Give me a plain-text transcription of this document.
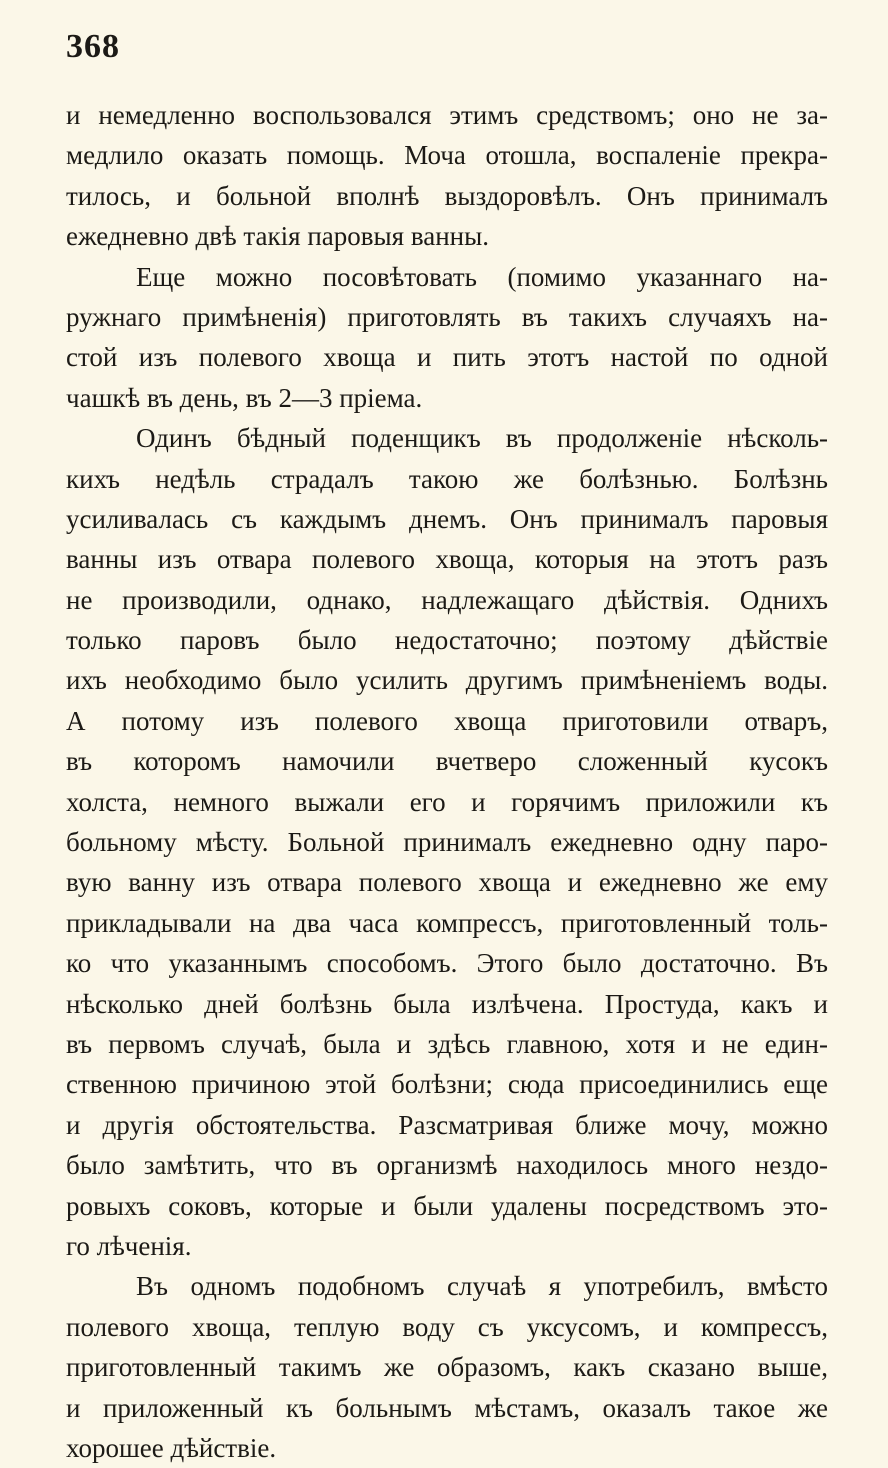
368
и немедленно воспользовался этимъ средствомъ; оно не за-
медлило оказать помощь. Моча отошла, воспаленіе прекра-
тилось, и больной вполнѣ выздоровѣлъ. Онъ принималъ
ежедневно двѣ такія паровыя ванны.
Еще можно посовѣтовать (помимо указаннаго на-
ружнаго примѣненія) приготовлять въ такихъ случаяхъ на-
стой изъ полевого хвоща и пить этотъ настой по одной
чашкѣ въ день, въ 2—3 пріема.
Одинъ бѣдный поденщикъ въ продолженіе нѣсколь-
кихъ недѣль страдалъ такою же болѣзнью. Болѣзнь
усиливалась съ каждымъ днемъ. Онъ принималъ паровыя
ванны изъ отвара полевого хвоща, которыя на этотъ разъ
не производили, однако, надлежащаго дѣйствія. Однихъ
только паровъ было недостаточно; поэтому дѣйствіе
ихъ необходимо было усилить другимъ примѣненіемъ воды.
А потому изъ полевого хвоща приготовили отваръ,
въ которомъ намочили вчетверо сложенный кусокъ
холста, немного выжали его и горячимъ приложили къ
больному мѣсту. Больной принималъ ежедневно одну паро-
вую ванну изъ отвара полевого хвоща и ежедневно же ему
прикладывали на два часа компрессъ, приготовленный толь-
ко что указаннымъ способомъ. Этого было достаточно. Въ
нѣсколько дней болѣзнь была излѣчена. Простуда, какъ и
въ первомъ случаѣ, была и здѣсь главною, хотя и не един-
ственною причиною этой болѣзни; сюда присоединились еще
и другія обстоятельства. Разсматривая ближе мочу, можно
было замѣтить, что въ организмѣ находилось много нездо-
ровыхъ соковъ, которые и были удалены посредствомъ это-
го лѣченія.
Въ одномъ подобномъ случаѣ я употребилъ, вмѣсто
полевого хвоща, теплую воду съ уксусомъ, и компрессъ,
приготовленный такимъ же образомъ, какъ сказано выше,
и приложенный къ больнымъ мѣстамъ, оказалъ такое же
хорошее дѣйствіе.
